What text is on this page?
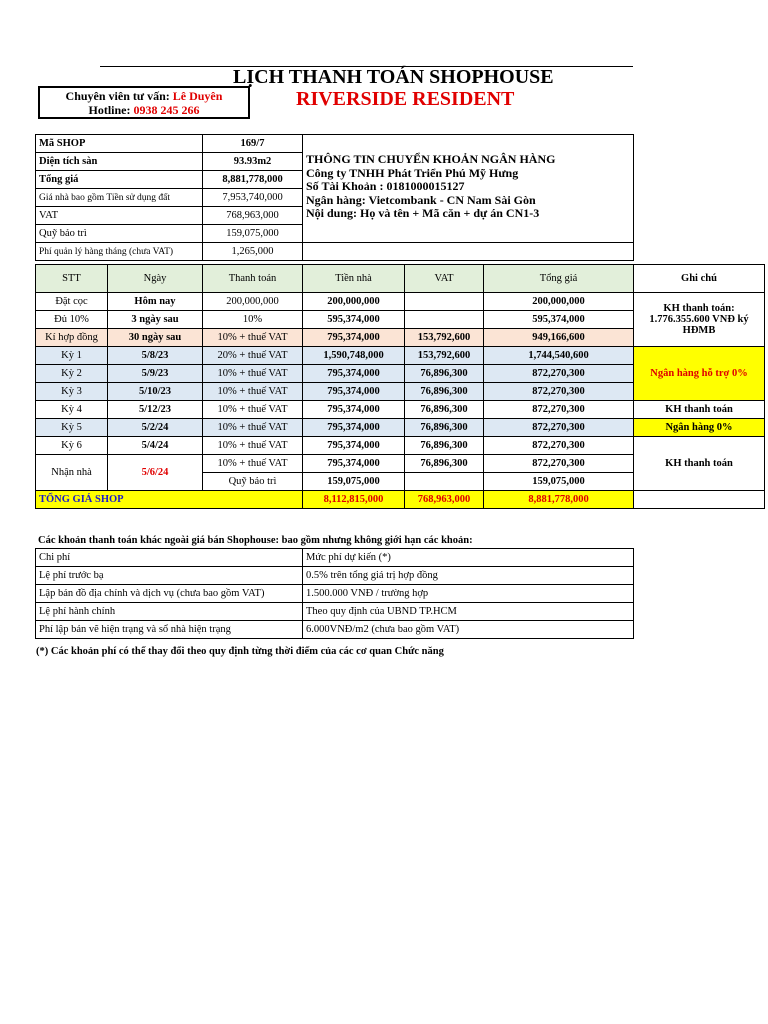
LỊCH THANH TOÁN SHOPHOUSE
RIVERSIDE RESIDENT
Chuyên viên tư vấn: Lê Duyên
Hotline: 0938 245 266
Mã SHOP	169/7	THÔNG TIN CHUYỂN KHOẢN NGÂN HÀNG
Công ty TNHH Phát Triển Phú Mỹ Hưng
Số Tài Khoản : 0181000015127
Ngân hàng: Vietcombank - CN Nam Sài Gòn
Nội dung: Họ và tên + Mã căn + dự án CN1-3

Diện tích sàn	93.93m2	
Tổng giá	8,881,778,000	
Giá nhà bao gồm Tiền sử dụng đất	7,953,740,000	
VAT	768,963,000	
Quỹ bảo trì	159,075,000	
Phí quản lý hàng tháng (chưa VAT)	1,265,000	
STT	Ngày	Thanh toán	Tiền nhà	VAT	Tổng giá	Ghi chú
Đặt cọc	Hôm nay	200,000,000	200,000,000		200,000,000	KH thanh toán: 1.776.355.600 VNĐ ký HĐMB
Đủ 10%	3 ngày sau	10%	595,374,000		595,374,000	
Kí hợp đồng	30 ngày sau	10% + thuế VAT	795,374,000	153,792,600	949,166,600	
Kỳ 1	5/8/23	20% + thuế VAT	1,590,748,000	153,792,600	1,744,540,600	Ngân hàng hỗ trợ 0%
Kỳ 2	5/9/23	10% + thuế VAT	795,374,000	76,896,300	872,270,300	
Kỳ 3	5/10/23	10% + thuế VAT	795,374,000	76,896,300	872,270,300	
Kỳ 4	5/12/23	10% + thuế VAT	795,374,000	76,896,300	872,270,300	KH thanh toán
Kỳ 5	5/2/24	10% + thuế VAT	795,374,000	76,896,300	872,270,300	Ngân hàng 0%
Kỳ 6	5/4/24	10% + thuế VAT	795,374,000	76,896,300	872,270,300	KH thanh toán
Nhận nhà	5/6/24	10% + thuế VAT	795,374,000	76,896,300	872,270,300	
		Quỹ bảo trì	159,075,000		159,075,000	
TỔNG GIÁ SHOP			8,112,815,000	768,963,000	8,881,778,000	
Các khoản thanh toán khác ngoài giá bán Shophouse: bao gồm nhưng không giới hạn các khoản:
Chi phí	Mức phí dự kiến (*)
Lệ phí trước bạ	0.5% trên tổng giá trị hợp đồng
Lập bản đồ địa chính và dịch vụ (chưa bao gồm VAT)	1.500.000 VNĐ / trường hợp
Lệ phí hành chính	Theo quy định của UBND TP.HCM
Phí lập bản vẽ hiện trạng và sổ nhà hiện trạng	6.000VNĐ/m2 (chưa bao gồm VAT)
(*) Các khoản phí có thể thay đổi theo quy định từng thời điểm của các cơ quan Chức năng
